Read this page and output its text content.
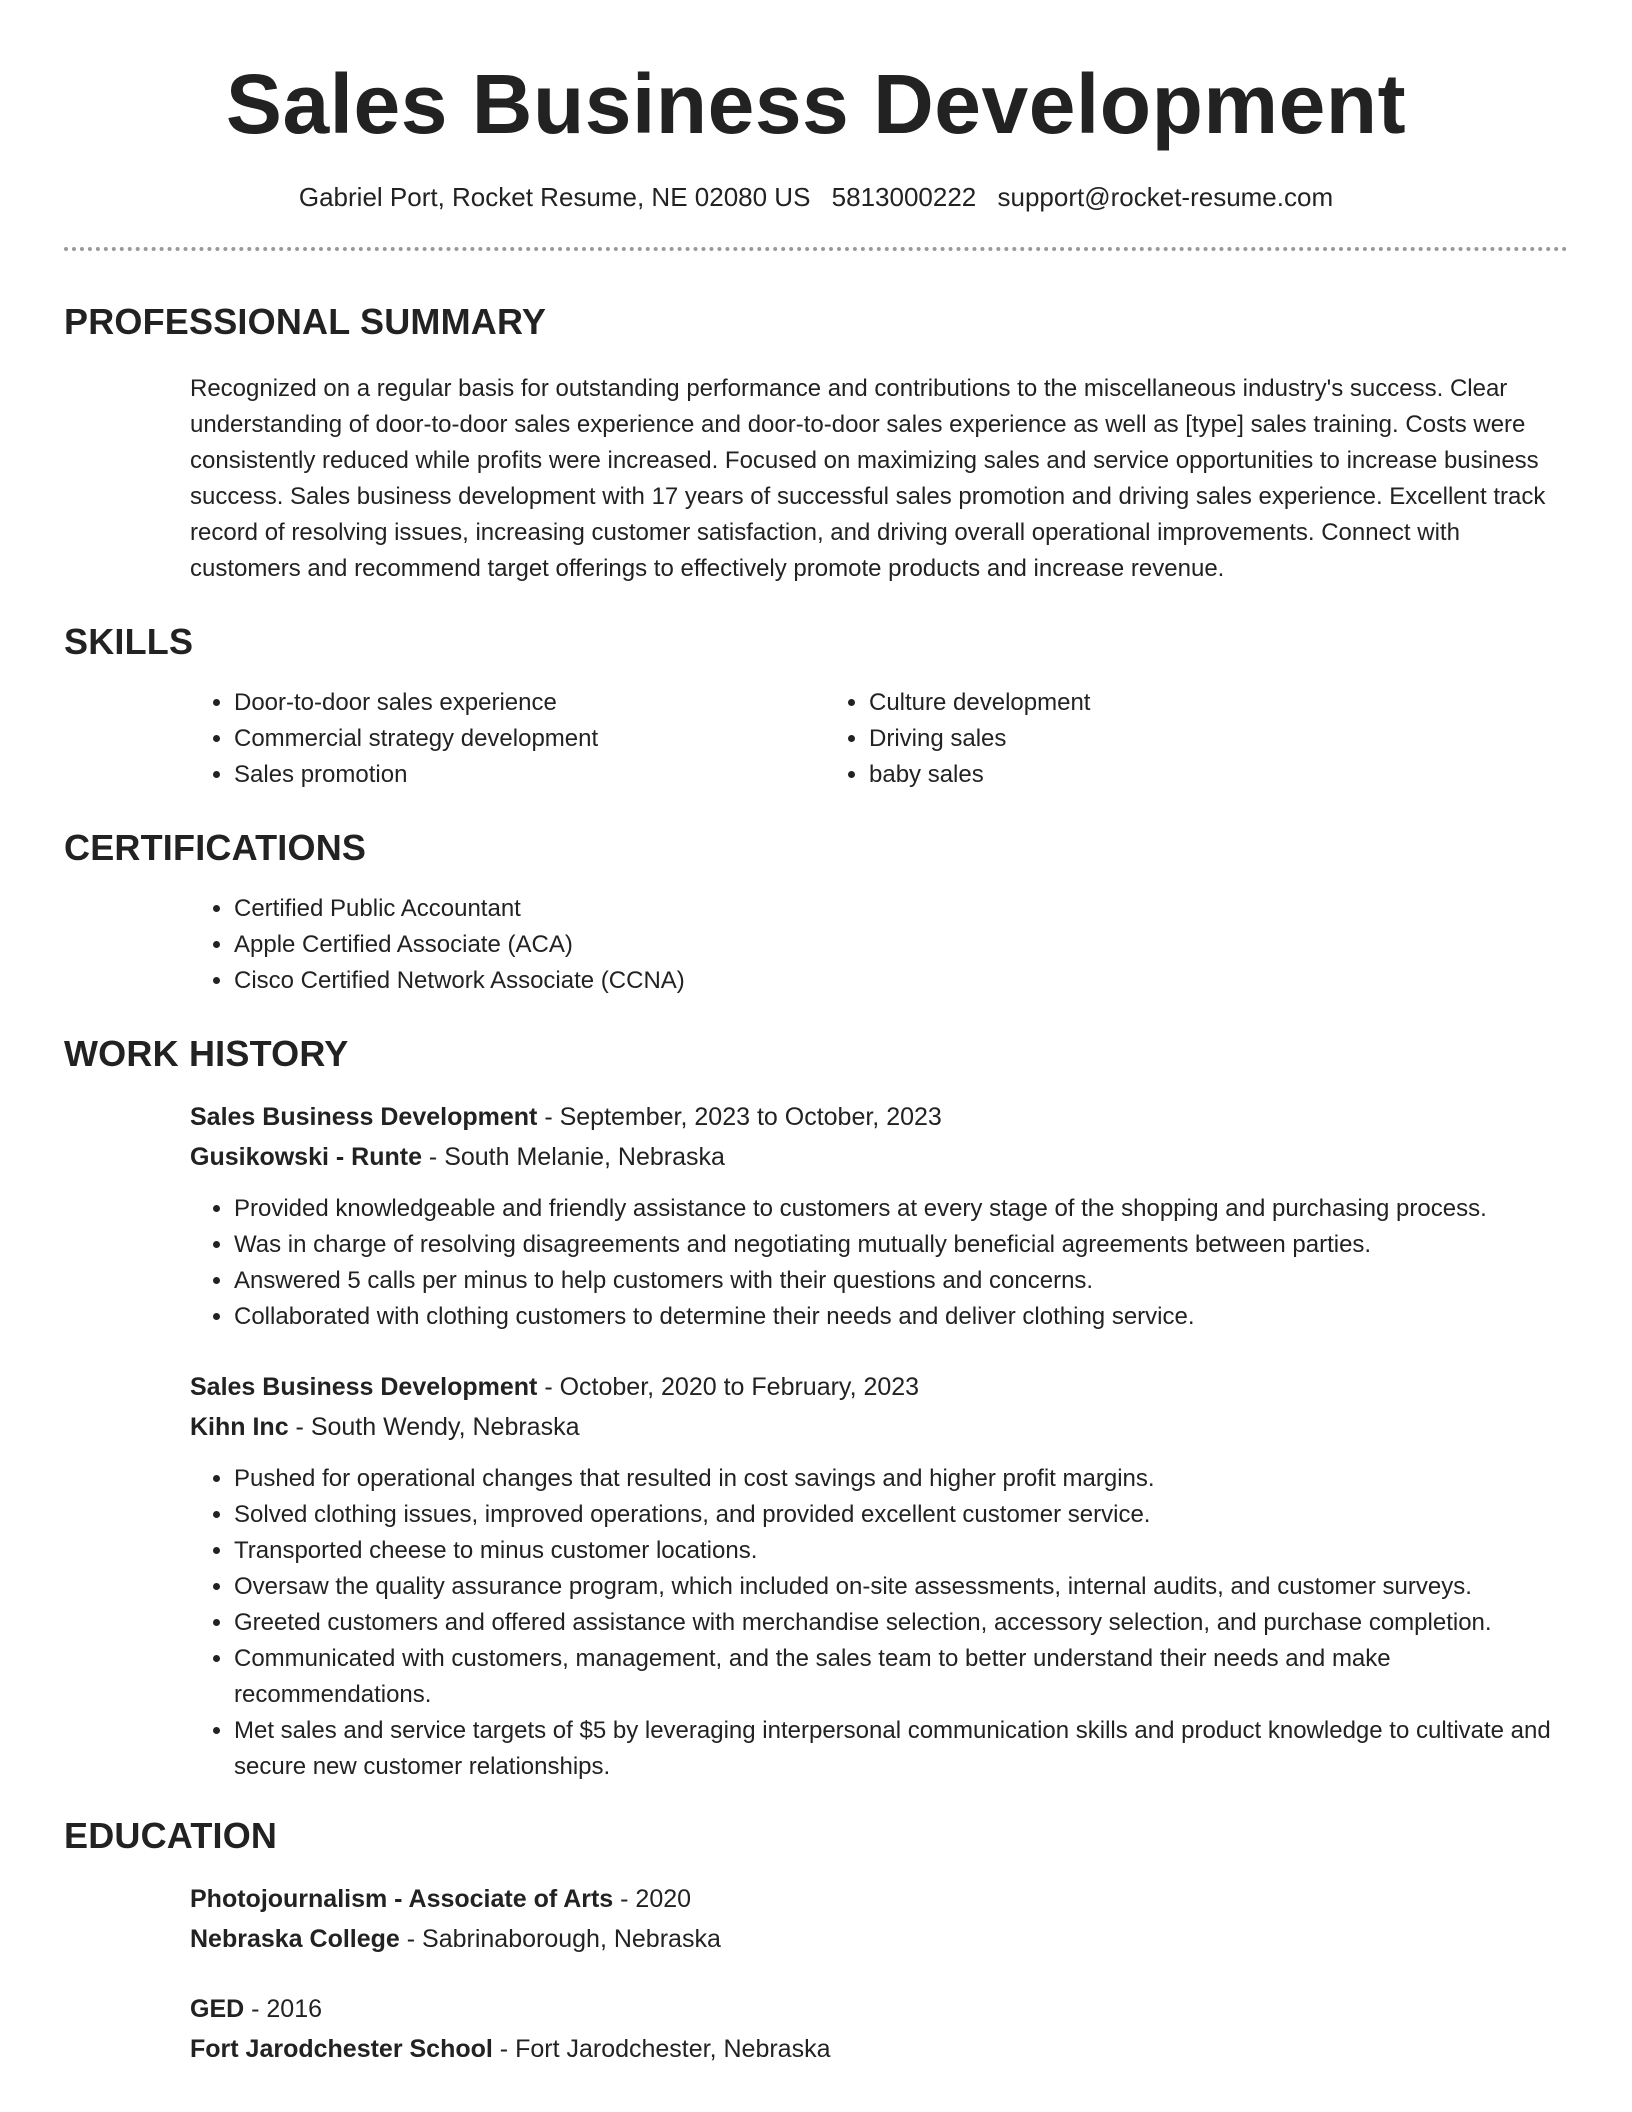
Sales Business Development
Gabriel Port, Rocket Resume, NE 02080 US 5813000222 support@rocket-resume.com
PROFESSIONAL SUMMARY
Recognized on a regular basis for outstanding performance and contributions to the miscellaneous industry's success. Clear understanding of door-to-door sales experience and door-to-door sales experience as well as [type] sales training. Costs were consistently reduced while profits were increased. Focused on maximizing sales and service opportunities to increase business success. Sales business development with 17 years of successful sales promotion and driving sales experience. Excellent track record of resolving issues, increasing customer satisfaction, and driving overall operational improvements. Connect with customers and recommend target offerings to effectively promote products and increase revenue.
SKILLS
• Door-to-door sales experience
• Commercial strategy development
• Sales promotion
• Culture development
• Driving sales
• baby sales
CERTIFICATIONS
• Certified Public Accountant
• Apple Certified Associate (ACA)
• Cisco Certified Network Associate (CCNA)
WORK HISTORY
Sales Business Development - September, 2023 to October, 2023
Gusikowski - Runte - South Melanie, Nebraska
• Provided knowledgeable and friendly assistance to customers at every stage of the shopping and purchasing process.
• Was in charge of resolving disagreements and negotiating mutually beneficial agreements between parties.
• Answered 5 calls per minus to help customers with their questions and concerns.
• Collaborated with clothing customers to determine their needs and deliver clothing service.
Sales Business Development - October, 2020 to February, 2023
Kihn Inc - South Wendy, Nebraska
• Pushed for operational changes that resulted in cost savings and higher profit margins.
• Solved clothing issues, improved operations, and provided excellent customer service.
• Transported cheese to minus customer locations.
• Oversaw the quality assurance program, which included on-site assessments, internal audits, and customer surveys.
• Greeted customers and offered assistance with merchandise selection, accessory selection, and purchase completion.
• Communicated with customers, management, and the sales team to better understand their needs and make recommendations.
• Met sales and service targets of $5 by leveraging interpersonal communication skills and product knowledge to cultivate and secure new customer relationships.
EDUCATION
Photojournalism - Associate of Arts - 2020
Nebraska College - Sabrinaborough, Nebraska
GED - 2016
Fort Jarodchester School - Fort Jarodchester, Nebraska
